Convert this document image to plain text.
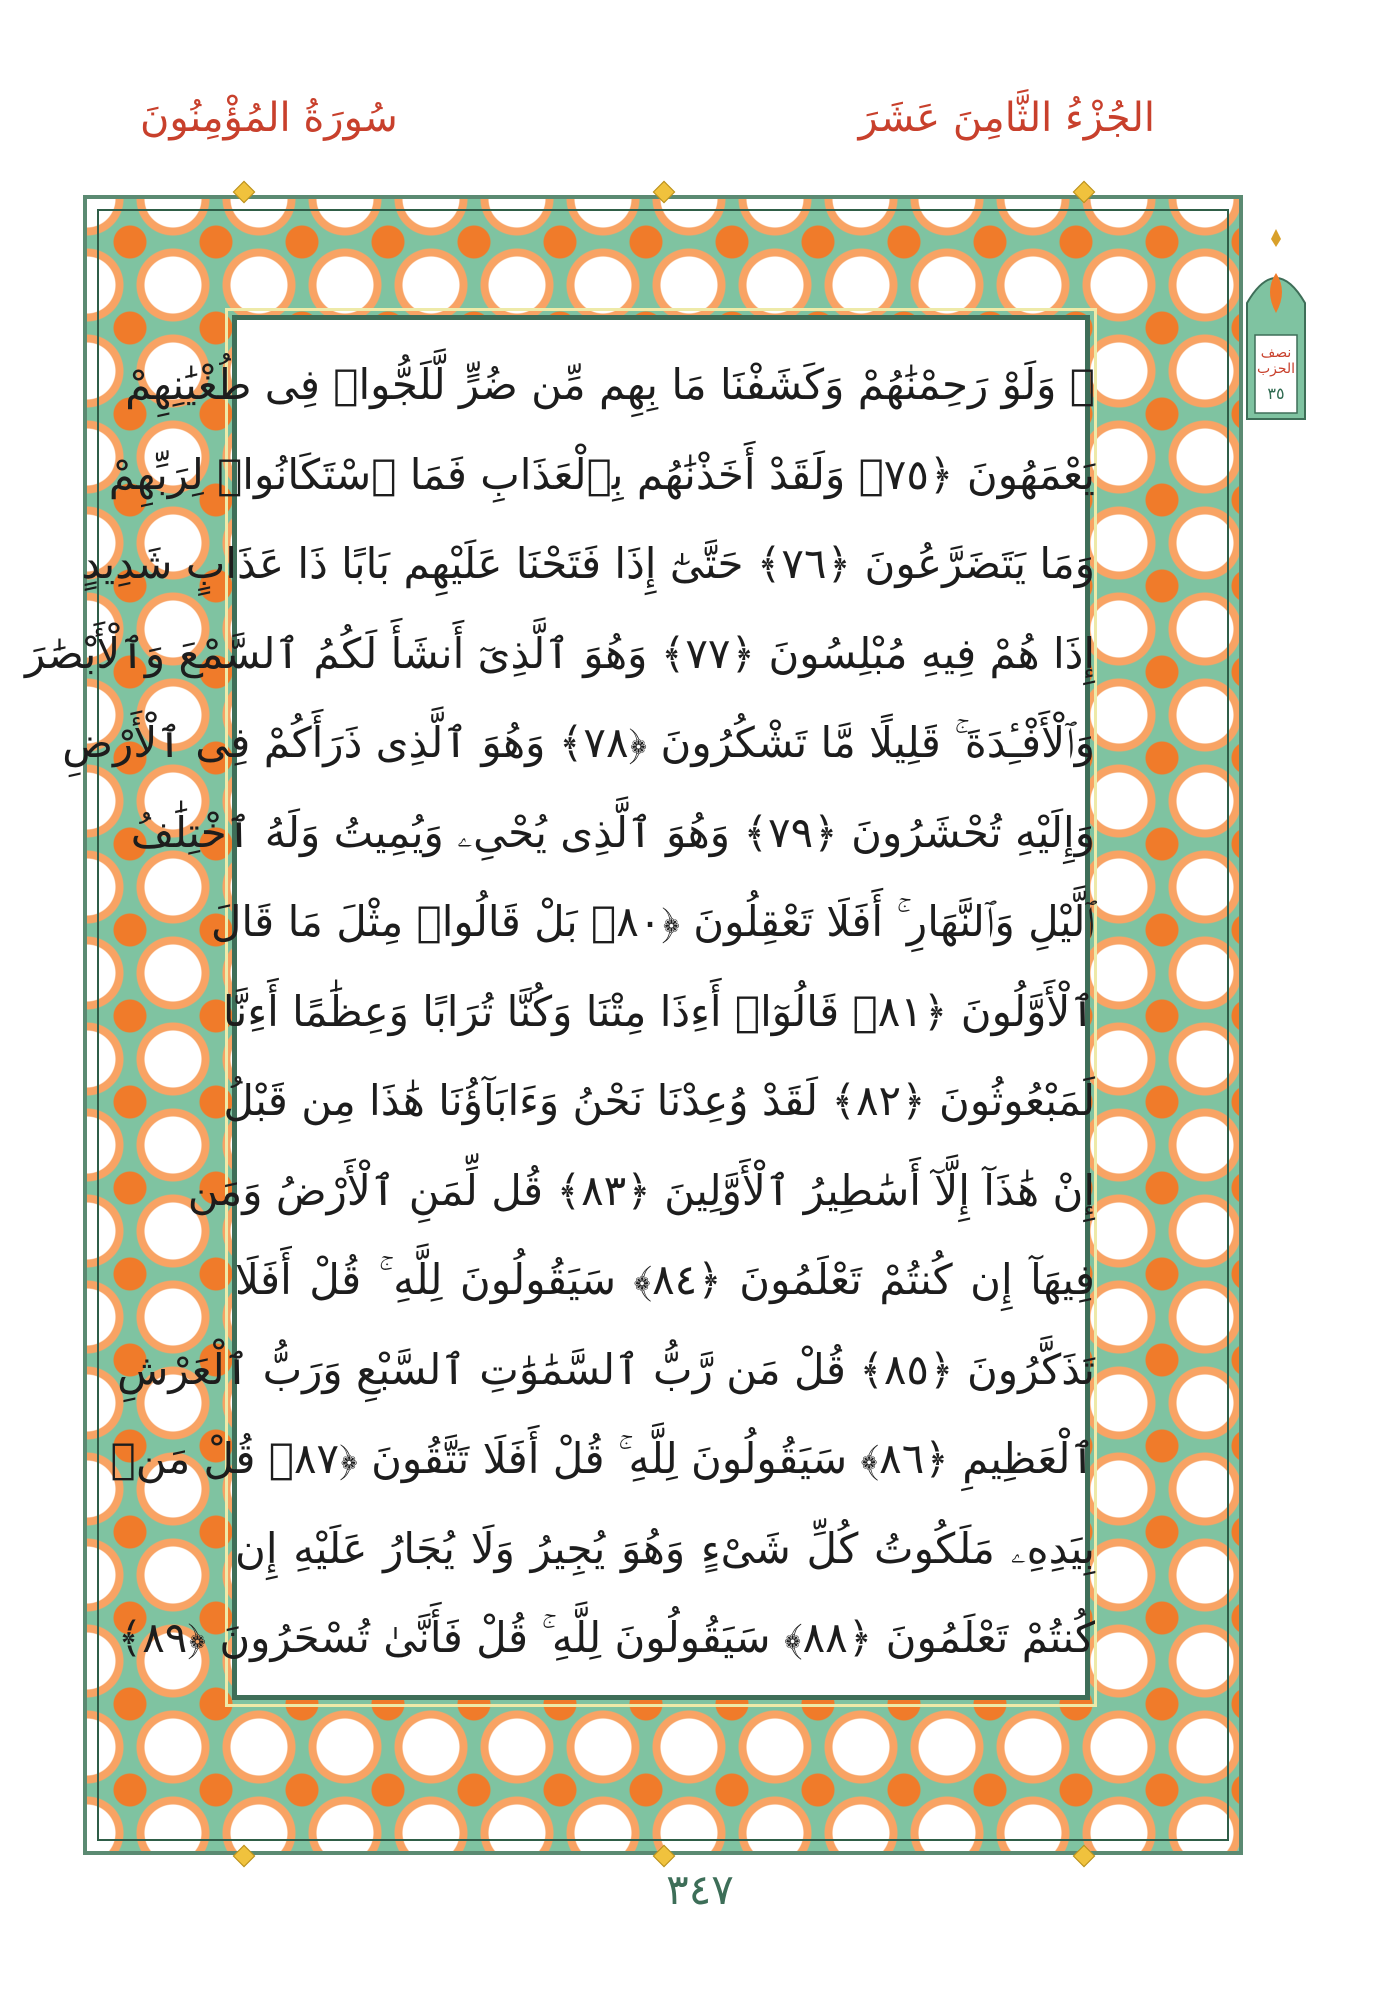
الجُزْءُ الثَّامِنَ عَشَرَ
سُورَةُ المُؤْمِنُونَ
نصف الحزب
٣٥
۞ وَلَوْ رَحِمْنَٰهُمْ وَكَشَفْنَا مَا بِهِم مِّن ضُرٍّ لَّلَجُّوا۟ فِى طُغْيَٰنِهِمْ
يَعْمَهُونَ ﴿٧٥﴾ وَلَقَدْ أَخَذْنَٰهُم بِٱلْعَذَابِ فَمَا ٱسْتَكَانُوا۟ لِرَبِّهِمْ
وَمَا يَتَضَرَّعُونَ ﴿٧٦﴾ حَتَّىٰٓ إِذَا فَتَحْنَا عَلَيْهِم بَابًا ذَا عَذَابٍ شَدِيدٍ
إِذَا هُمْ فِيهِ مُبْلِسُونَ ﴿٧٧﴾ وَهُوَ ٱلَّذِىٓ أَنشَأَ لَكُمُ ٱلسَّمْعَ وَٱلْأَبْصَٰرَ
وَٱلْأَفْـِٔدَةَ ۚ قَلِيلًا مَّا تَشْكُرُونَ ﴿٧٨﴾ وَهُوَ ٱلَّذِى ذَرَأَكُمْ فِى ٱلْأَرْضِ
وَإِلَيْهِ تُحْشَرُونَ ﴿٧٩﴾ وَهُوَ ٱلَّذِى يُحْىِۦ وَيُمِيتُ وَلَهُ ٱخْتِلَٰفُ
ٱلَّيْلِ وَٱلنَّهَارِ ۚ أَفَلَا تَعْقِلُونَ ﴿٨٠﴾ بَلْ قَالُوا۟ مِثْلَ مَا قَالَ
ٱلْأَوَّلُونَ ﴿٨١﴾ قَالُوٓا۟ أَءِذَا مِتْنَا وَكُنَّا تُرَابًا وَعِظَٰمًا أَءِنَّا
لَمَبْعُوثُونَ ﴿٨٢﴾ لَقَدْ وُعِدْنَا نَحْنُ وَءَابَآؤُنَا هَٰذَا مِن قَبْلُ
إِنْ هَٰذَآ إِلَّآ أَسَٰطِيرُ ٱلْأَوَّلِينَ ﴿٨٣﴾ قُل لِّمَنِ ٱلْأَرْضُ وَمَن
فِيهَآ إِن كُنتُمْ تَعْلَمُونَ ﴿٨٤﴾ سَيَقُولُونَ لِلَّهِ ۚ قُلْ أَفَلَا
تَذَكَّرُونَ ﴿٨٥﴾ قُلْ مَن رَّبُّ ٱلسَّمَٰوَٰتِ ٱلسَّبْعِ وَرَبُّ ٱلْعَرْشِ
ٱلْعَظِيمِ ﴿٨٦﴾ سَيَقُولُونَ لِلَّهِ ۚ قُلْ أَفَلَا تَتَّقُونَ ﴿٨٧﴾ قُلْ مَنۢ
بِيَدِهِۦ مَلَكُوتُ كُلِّ شَىْءٍ وَهُوَ يُجِيرُ وَلَا يُجَارُ عَلَيْهِ إِن
كُنتُمْ تَعْلَمُونَ ﴿٨٨﴾ سَيَقُولُونَ لِلَّهِ ۚ قُلْ فَأَنَّىٰ تُسْحَرُونَ ﴿٨٩﴾
٣٤٧
